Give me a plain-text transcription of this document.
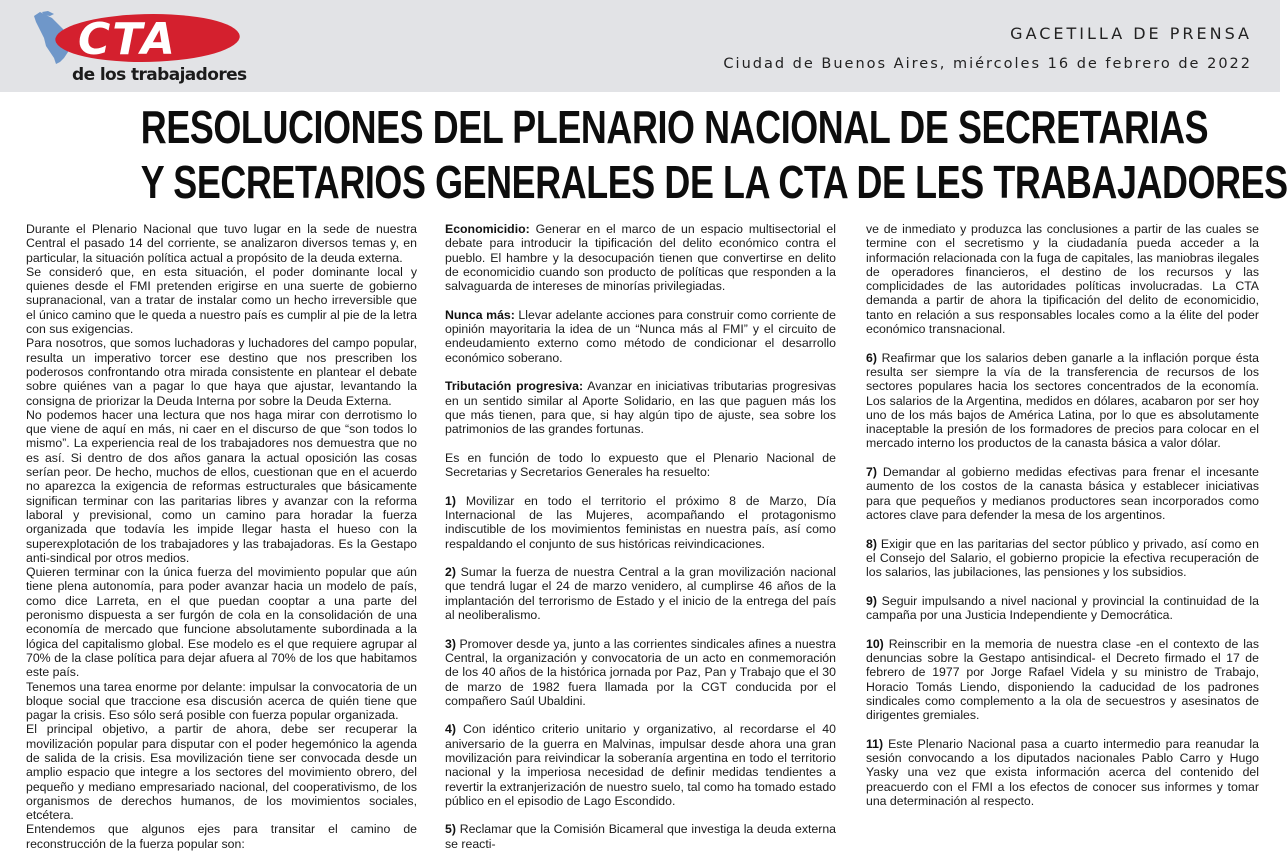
CTA
de los trabajadores
GACETILLA DE PRENSA
Ciudad de Buenos Aires, miércoles 16 de febrero de 2022
RESOLUCIONES DEL PLENARIO NACIONAL DE SECRETARIAS
Y SECRETARIOS GENERALES DE LA CTA DE LES TRABAJADORES

Durante el Plenario Nacional que tuvo lugar en la sede de nuestra Central el pasado 14 del corriente, se analizaron diversos temas y, en particular, la situación política actual a propósito de la deuda externa.

Se consideró que, en esta situación, el poder dominante local y quienes desde el FMI pretenden erigirse en una suerte de gobierno supranacional, van a tratar de instalar como un hecho irreversible que el único camino que le queda a nuestro país es cumplir al pie de la letra con sus exigencias.

Para nosotros, que somos luchadoras y luchadores del campo popular, resulta un imperativo torcer ese destino que nos prescriben los poderosos confrontando otra mirada consistente en plantear el debate sobre quiénes van a pagar lo que haya que ajustar, levantando la consigna de priorizar la Deuda Interna por sobre la Deuda Externa.

No podemos hacer una lectura que nos haga mirar con derrotismo lo que viene de aquí en más, ni caer en el discurso de que “son todos lo mismo”. La experiencia real de los trabajadores nos demuestra que no es así. Si dentro de dos años ganara la actual oposición las cosas serían peor. De hecho, muchos de ellos, cuestionan que en el acuerdo no aparezca la exigencia de reformas estructurales que básicamente significan terminar con las paritarias libres y avanzar con la reforma laboral y previsional, como un camino para horadar la fuerza organizada que todavía les impide llegar hasta el hueso con la superexplotación de los trabajadores y las trabajadoras. Es la Gestapo anti-sindical por otros medios.

Quieren terminar con la única fuerza del movimiento popular que aún tiene plena autonomía, para poder avanzar hacia un modelo de país, como dice Larreta, en el que puedan cooptar a una parte del peronismo dispuesta a ser furgón de cola en la consolidación de una economía de mercado que funcione absolutamente subordinada a la lógica del capitalismo global. Ese modelo es el que requiere agrupar al 70% de la clase política para dejar afuera al 70% de los que habitamos este país.

Tenemos una tarea enorme por delante: impulsar la convocatoria de un bloque social que traccione esa discusión acerca de quién tiene que pagar la crisis. Eso sólo será posible con fuerza popular organizada.

El principal objetivo, a partir de ahora, debe ser recuperar la movilización popular para disputar con el poder hegemónico la agenda de salida de la crisis. Esa movilización tiene ser convocada desde un amplio espacio que integre a los sectores del movimiento obrero, del pequeño y mediano empresariado nacional, del cooperativismo, de los organismos de derechos humanos, de los movimientos sociales, etcétera.

Entendemos que algunos ejes para transitar el camino de reconstrucción de la fuerza popular son:

Economicidio: Generar en el marco de un espacio multisectorial el debate para introducir la tipificación del delito económico contra el pueblo. El hambre y la desocupación tienen que convertirse en delito de economicidio cuando son producto de políticas que responden a la salvaguarda de intereses de minorías privilegiadas.

Nunca más: Llevar adelante acciones para construir como corriente de opinión mayoritaria la idea de un “Nunca más al FMI” y el circuito de endeudamiento externo como método de condicionar el desarrollo económico soberano.

Tributación progresiva: Avanzar en iniciativas tributarias progresivas en un sentido similar al Aporte Solidario, en las que paguen más los que más tienen, para que, si hay algún tipo de ajuste, sea sobre los patrimonios de las grandes fortunas.

Es en función de todo lo expuesto que el Plenario Nacional de Secretarias y Secretarios Generales ha resuelto:

1) Movilizar en todo el territorio el próximo 8 de Marzo, Día Internacional de las Mujeres, acompañando el protagonismo indiscutible de los movimientos feministas en nuestra país, así como respaldando el conjunto de sus históricas reivindicaciones.

2) Sumar la fuerza de nuestra Central a la gran movilización nacional que tendrá lugar el 24 de marzo venidero, al cumplirse 46 años de la implantación del terrorismo de Estado y el inicio de la entrega del país al neoliberalismo.

3) Promover desde ya, junto a las corrientes sindicales afines a nuestra Central, la organización y convocatoria de un acto en conmemoración de los 40 años de la histórica jornada por Paz, Pan y Trabajo que el 30 de marzo de 1982 fuera llamada por la CGT conducida por el compañero Saúl Ubaldini.

4) Con idéntico criterio unitario y organizativo, al recordarse el 40 aniversario de la guerra en Malvinas, impulsar desde ahora una gran movilización para reivindicar la soberanía argentina en todo el territorio nacional y la imperiosa necesidad de definir medidas tendientes a revertir la extranjerización de nuestro suelo, tal como ha tomado estado público en el episodio de Lago Escondido.

5) Reclamar que la Comisión Bicameral que investiga la deuda externa se reacti-

ve de inmediato y produzca las conclusiones a partir de las cuales se termine con el secretismo y la ciudadanía pueda acceder a la información relacionada con la fuga de capitales, las maniobras ilegales de operadores financieros, el destino de los recursos y las complicidades de las autoridades políticas involucradas. La CTA demanda a partir de ahora la tipificación del delito de economicidio, tanto en relación a sus responsables locales como a la élite del poder económico transnacional.

6) Reafirmar que los salarios deben ganarle a la inflación porque ésta resulta ser siempre la vía de la transferencia de recursos de los sectores populares hacia los sectores concentrados de la economía. Los salarios de la Argentina, medidos en dólares, acabaron por ser hoy uno de los más bajos de América Latina, por lo que es absolutamente inaceptable la presión de los formadores de precios para colocar en el mercado interno los productos de la canasta básica a valor dólar.

7) Demandar al gobierno medidas efectivas para frenar el incesante aumento de los costos de la canasta básica y establecer iniciativas para que pequeños y medianos productores sean incorporados como actores clave para defender la mesa de los argentinos.

8) Exigir que en las paritarias del sector público y privado, así como en el Consejo del Salario, el gobierno propicie la efectiva recuperación de los salarios, las jubilaciones, las pensiones y los subsidios.

9) Seguir impulsando a nivel nacional y provincial la continuidad de la campaña por una Justicia Independiente y Democrática.

10) Reinscribir en la memoria de nuestra clase -en el contexto de las denuncias sobre la Gestapo antisindical- el Decreto firmado el 17 de febrero de 1977 por Jorge Rafael Videla y su ministro de Trabajo, Horacio Tomás Liendo, disponiendo la caducidad de los padrones sindicales como complemento a la ola de secuestros y asesinatos de dirigentes gremiales.

11) Este Plenario Nacional pasa a cuarto intermedio para reanudar la sesión convocando a los diputados nacionales Pablo Carro y Hugo Yasky una vez que exista información acerca del contenido del preacuerdo con el FMI a los efectos de conocer sus informes y tomar una determinación al respecto.
